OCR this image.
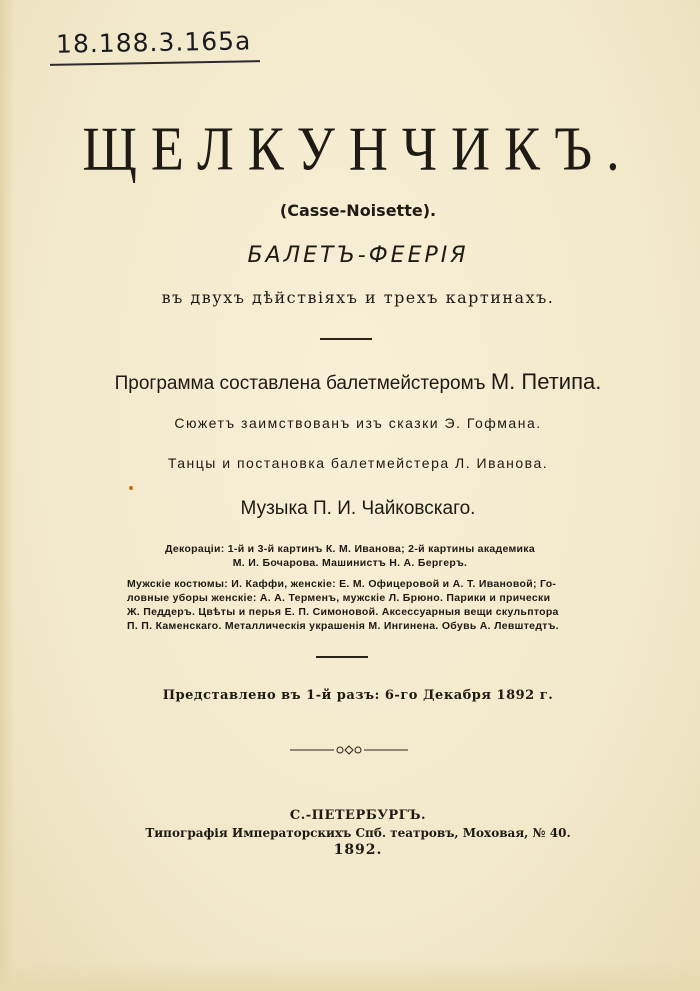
18.188.3.165а
ЩЕЛКУНЧИКЪ.
(Casse-Noisette).
БАЛЕТЪ-ФЕЕРІЯ
въ двухъ дѣйствіяхъ и трехъ картинахъ.
Программа составлена балетмейстеромъ М. Петипа.
Сюжетъ заимствованъ изъ сказки Э. Гофмана.
Танцы и постановка балетмейстера Л. Иванова.
Музыка П. И. Чайковскаго.
Декораціи: 1-й и 3-й картинъ К. М. Иванова; 2-й картины академика
М. И. Бочарова. Машинистъ Н. А. Бергеръ.
Мужскіе костюмы: И. Каффи, женскіе: Е. М. Офицеровой и А. Т. Ивановой; Го-
ловные уборы женскіе: А. А. Терменъ, мужскіе Л. Брюно. Парики и прически
Ж. Педдеръ. Цвѣты и перья Е. П. Симоновой. Аксессуарныя вещи скульптора
П. П. Каменскаго. Металлическія украшенія М. Ингинена. Обувь А. Левштедтъ.
Представлено въ 1-й разъ: 6-го Декабря 1892 г.
С.-ПЕТЕРБУРГЪ.
Типографія Императорскихъ Спб. театровъ, Моховая, № 40.
1892.
